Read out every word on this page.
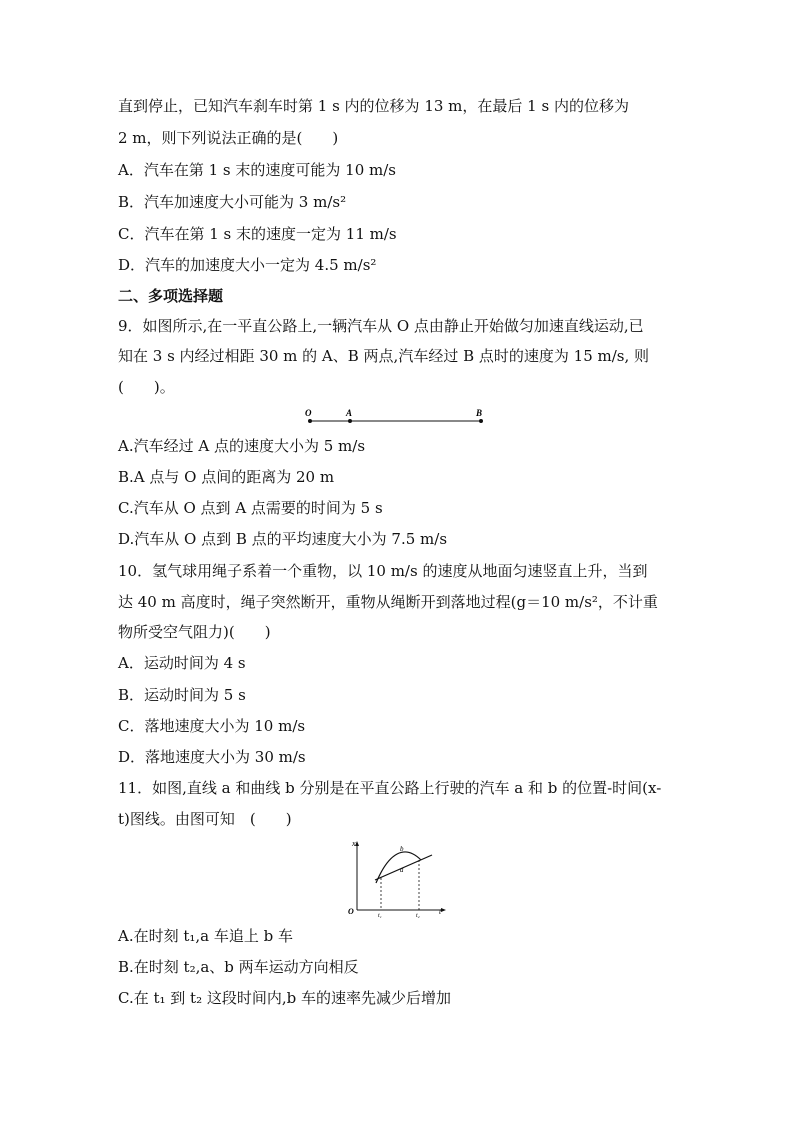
直到停止，已知汽车刹车时第 1 s 内的位移为 13 m，在最后 1 s 内的位移为
2 m，则下列说法正确的是(　　)
A．汽车在第 1 s 末的速度可能为 10 m/s
B．汽车加速度大小可能为 3 m/s²
C．汽车在第 1 s 末的速度一定为 11 m/s
D．汽车的加速度大小一定为 4.5 m/s²
二、多项选择题
9．如图所示,在一平直公路上,一辆汽车从 O 点由静止开始做匀加速直线运动,已
知在 3 s 内经过相距 30 m 的 A、B 两点,汽车经过 B 点时的速度为 15 m/s, 则
(　　)。
O	A	B
A.汽车经过 A 点的速度大小为 5 m/s
B.A 点与 O 点间的距离为 20 m
C.汽车从 O 点到 A 点需要的时间为 5 s
D.汽车从 O 点到 B 点的平均速度大小为 7.5 m/s
10．氢气球用绳子系着一个重物，以 10 m/s 的速度从地面匀速竖直上升，当到
达 40 m 高度时，绳子突然断开，重物从绳断开到落地过程(g＝10 m/s²，不计重
物所受空气阻力)(　　)
A．运动时间为 4 s
B．运动时间为 5 s
C．落地速度大小为 10 m/s
D．落地速度大小为 30 m/s
11．如图,直线 a 和曲线 b 分别是在平直公路上行驶的汽车 a 和 b 的位置-时间(x-
t)图线。由图可知　(　　)
x
t
O
b
a
t₁	t₂
A.在时刻 t₁,a 车追上 b 车
B.在时刻 t₂,a、b 两车运动方向相反
C.在 t₁ 到 t₂ 这段时间内,b 车的速率先减少后增加
